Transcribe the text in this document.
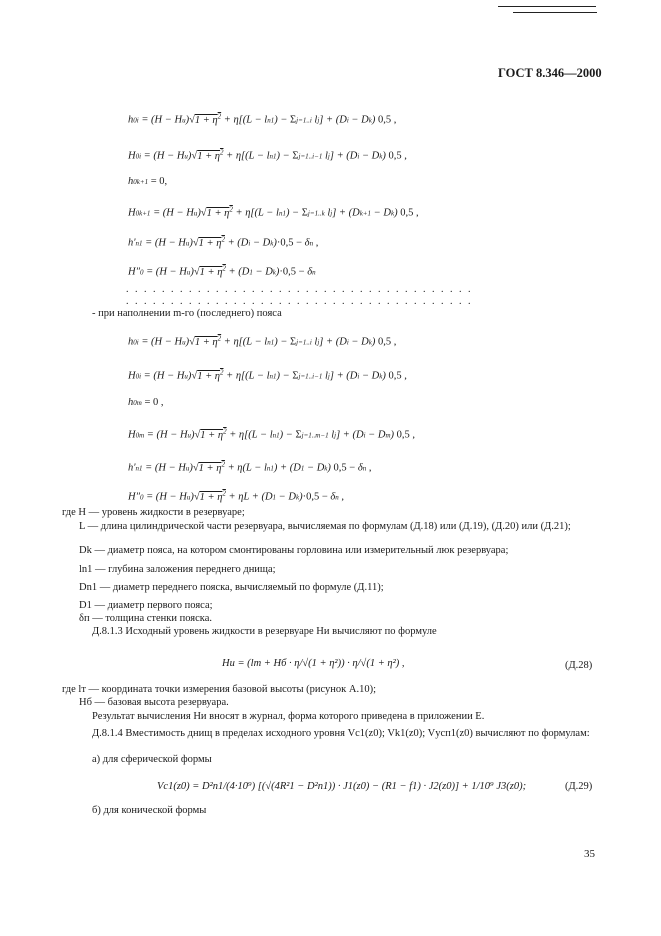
ГОСТ 8.346—2000
$h0i = (H - Hи)√1 + \eta^2 + \eta[(L - \ln 1) - \Sigma j=1..i$ lj] + (Di − Dk) 0,5 ,
$H0i = (H - Hи)√1 + \eta^2 + \eta[(L - \ln 1) - \Sigma j=1..i-1$ lj] + (Di − Dk) 0,5 ,
h0k+1 = 0,
$H0k+1 = (H - Hи)√1 + \eta^2 + \eta[(L - \ln 1) - \Sigma j=1..k$ lj] + (Dk+1 − Dk) 0,5 ,
$h'n1 = (H - Hи)√1 + \eta^2 + (Di - Dk)\cdot 0,5 - \delta п$ ,
$H''0 = (H - Hи)√1 + \eta^2 + (D1 - Dk)\cdot 0,5 - \delta п$
. . . . . . . . . . . . . . . . . . . . . . . . . . . . . . . . . . . . . . .
. . . . . . . . . . . . . . . . . . . . . . . . . . . . . . . . . . . . . . .
- при наполнении m-го (последнего) пояса
$h0i = (H - Hи)√1 + \eta^2 + \eta[(L - \ln 1) - \Sigma j=1..i$ lj] + (Di − Dk) 0,5 ,
$H0i = (H - Hи)√1 + \eta^2 + \eta[(L - \ln 1) - \Sigma j=1..i-1$ lj] + (Di − Dk) 0,5 ,
h0m = 0 ,
$H0m = (H - Hи)√1 + \eta^2 + \eta[(L - \ln 1) - \Sigma j=1..m-1$ lj] + (Di − Dm) 0,5 ,
$h'n1 = (H - Hи)√1 + \eta^2 + \eta(L - \ln 1) + (D1 - Dk) 0,5 - \delta п$ ,
$H''0 = (H - Hи)√1 + \eta^2 + \eta L + (D1 - Dk)\cdot 0,5 - \delta п$ ,
где H — уровень жидкости в резервуаре;
L — длина цилиндрической части резервуара, вычисляемая по формулам (Д.18) или (Д.19), (Д.20) или (Д.21);
Dk — диаметр пояса, на котором смонтированы горловина или измерительный люк резервуара;
ln1 — глубина заложения переднего днища;
Dn1 — диаметр переднего пояска, вычисляемый по формуле (Д.11);
D1 — диаметр первого пояса;
δп — толщина стенки пояска.
Д.8.1.3 Исходный уровень жидкости в резервуаре Hи вычисляют по формуле
Hи = (lт + Hб · η/√(1 + η²)) · η/√(1 + η²) ,	(Д.28)
где lт — координата точки измерения базовой высоты (рисунок А.10);
Hб — базовая высота резервуара.
Результат вычисления Hи вносят в журнал, форма которого приведена в приложении Е.
Д.8.1.4 Вместимость днищ в пределах исходного уровня Vc1(z0); Vk1(z0); Vусп1(z0) вычисляют по формулам:
а) для сферической формы
Vc1(z0) = D²n1/(4·10⁹) [(√(4R²1 − D²n1)) · J1(z0) − (R1 − f1) · J2(z0)] + 1/10⁹ J3(z0);	(Д.29)
б) для конической формы
35
